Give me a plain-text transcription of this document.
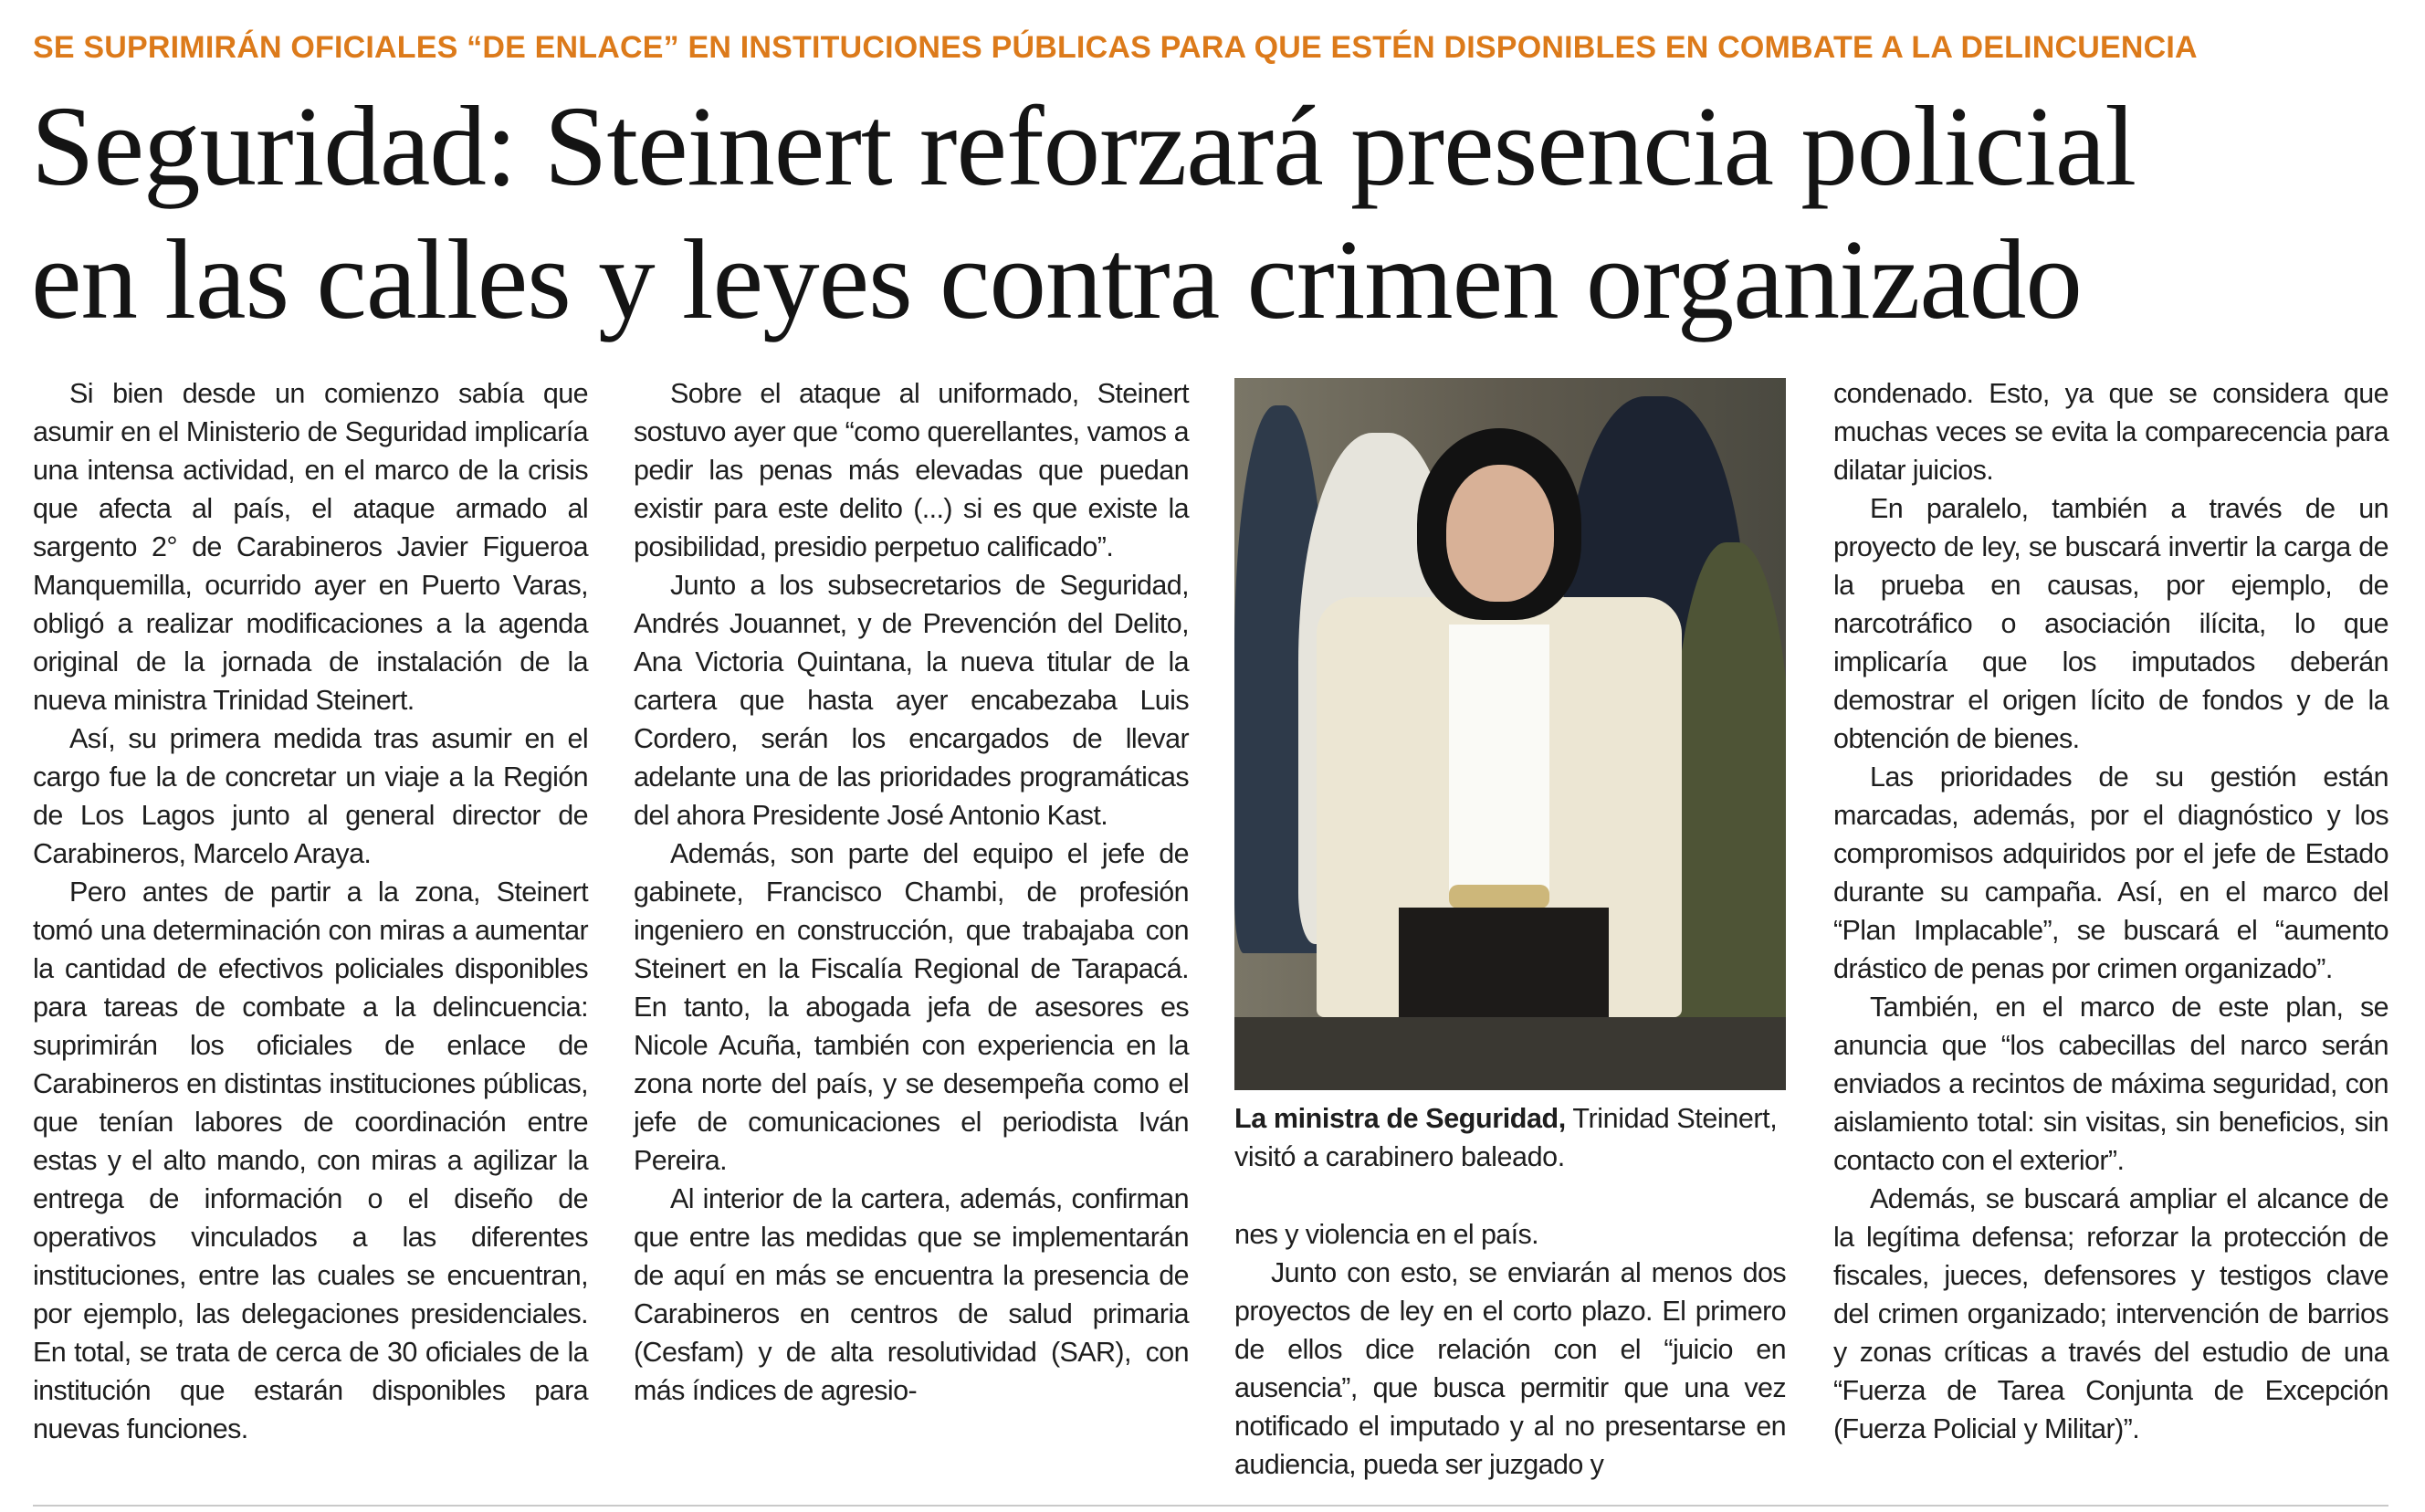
SE SUPRIMIRÁN OFICIALES “DE ENLACE” EN INSTITUCIONES PÚBLICAS PARA QUE ESTÉN DISPONIBLES EN COMBATE A LA DELINCUENCIA
Seguridad: Steinert reforzará presencia policial
en las calles y leyes contra crimen organizado

Si bien desde un comienzo sabía que asumir en el Ministerio de Seguridad implicaría una intensa actividad, en el marco de la crisis que afecta al país, el ataque armado al sargento 2° de Carabineros Javier Figueroa Manquemilla, ocurrido ayer en Puerto Varas, obligó a realizar modificaciones a la agenda original de la jornada de instalación de la nueva ministra Trinidad Steinert.

Así, su primera medida tras asumir en el cargo fue la de concretar un viaje a la Región de Los Lagos junto al general director de Carabineros, Marcelo Araya.

Pero antes de partir a la zona, Steinert tomó una determinación con miras a aumentar la cantidad de efectivos policiales disponibles para tareas de combate a la delincuencia: suprimirán los oficiales de enlace de Carabineros en distintas instituciones públicas, que tenían labores de coordinación entre estas y el alto mando, con miras a agilizar la entrega de información o el diseño de operativos vinculados a las diferentes instituciones, entre las cuales se encuentran, por ejemplo, las delegaciones presidenciales. En total, se trata de cerca de 30 oficiales de la institución que estarán disponibles para nuevas funciones.

Sobre el ataque al uniformado, Steinert sostuvo ayer que “como querellantes, vamos a pedir las penas más elevadas que puedan existir para este delito (...) si es que existe la posibilidad, presidio perpetuo calificado”.

Junto a los subsecretarios de Seguridad, Andrés Jouannet, y de Prevención del Delito, Ana Victoria Quintana, la nueva titular de la cartera que hasta ayer encabezaba Luis Cordero, serán los encargados de llevar adelante una de las prioridades programáticas del ahora Presidente José Antonio Kast.

Además, son parte del equipo el jefe de gabinete, Francisco Chambi, de profesión ingeniero en construcción, que trabajaba con Steinert en la Fiscalía Regional de Tarapacá. En tanto, la abogada jefa de asesores es Nicole Acuña, también con experiencia en la zona norte del país, y se desempeña como el jefe de comunicaciones el periodista Iván Pereira.

Al interior de la cartera, además, confirman que entre las medidas que se implementarán de aquí en más se encuentra la presencia de Carabineros en centros de salud primaria (Cesfam) y de alta resolutividad (SAR), con más índices de agresio-

La ministra de Seguridad, Trinidad Steinert, visitó a carabinero baleado.

nes y violencia en el país.

Junto con esto, se enviarán al menos dos proyectos de ley en el corto plazo. El primero de ellos dice relación con el “juicio en ausencia”, que busca permitir que una vez notificado el imputado y al no presentarse en audiencia, pueda ser juzgado y

condenado. Esto, ya que se considera que muchas veces se evita la comparecencia para dilatar juicios.

En paralelo, también a través de un proyecto de ley, se buscará invertir la carga de la prueba en causas, por ejemplo, de narcotráfico o asociación ilícita, lo que implicaría que los imputados deberán demostrar el origen lícito de fondos y de la obtención de bienes.

Las prioridades de su gestión están marcadas, además, por el diagnóstico y los compromisos adquiridos por el jefe de Estado durante su campaña. Así, en el marco del “Plan Implacable”, se buscará el “aumento drástico de penas por crimen organizado”.

También, en el marco de este plan, se anuncia que “los cabecillas del narco serán enviados a recintos de máxima seguridad, con aislamiento total: sin visitas, sin beneficios, sin contacto con el exterior”.

Además, se buscará ampliar el alcance de la legítima defensa; reforzar la protección de fiscales, jueces, defensores y testigos clave del crimen organizado; intervención de barrios y zonas críticas a través del estudio de una “Fuerza de Tarea Conjunta de Excepción (Fuerza Policial y Militar)”.
